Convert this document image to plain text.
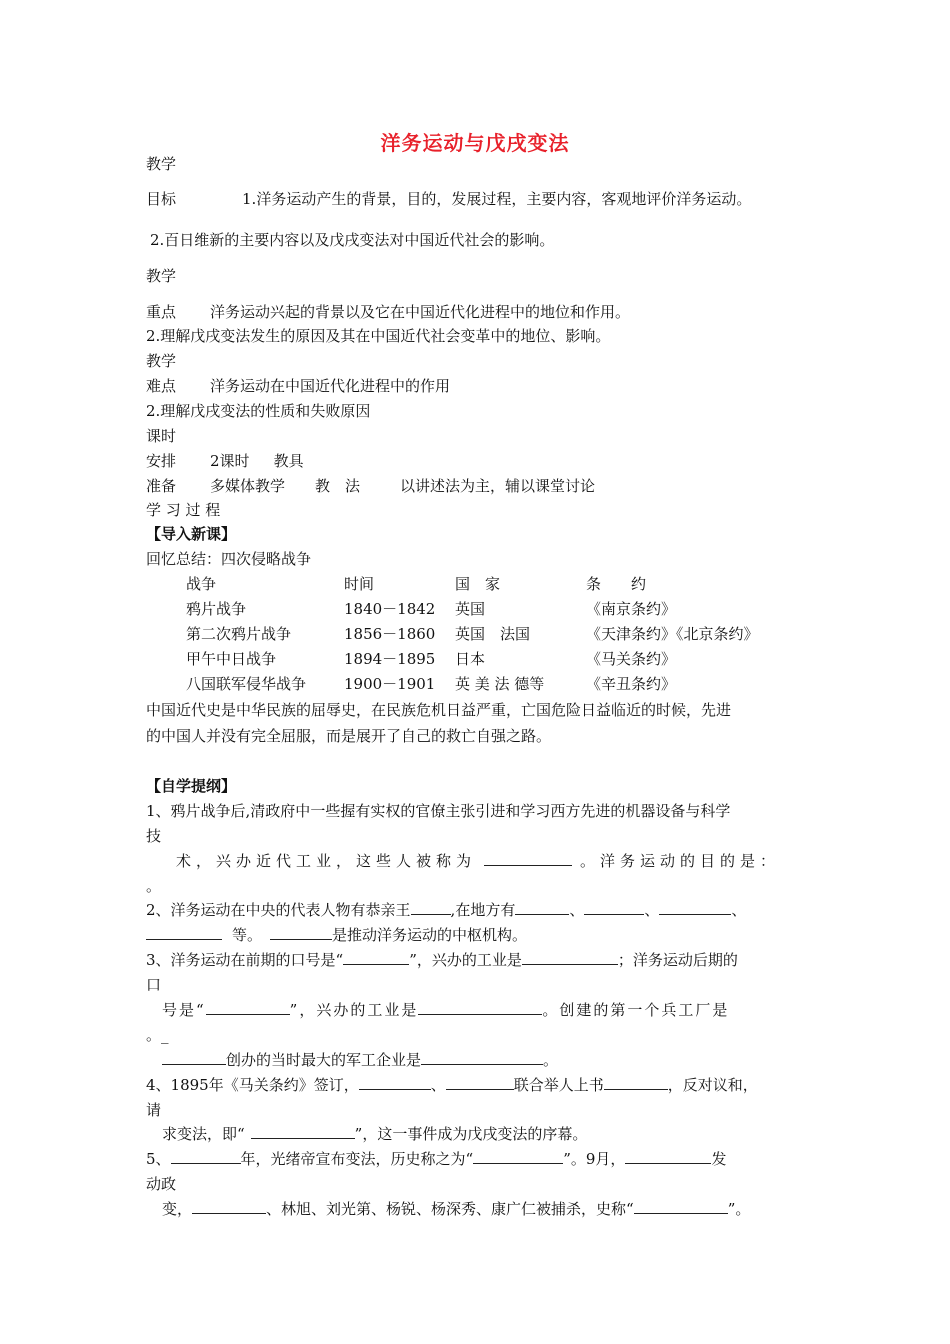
洋务运动与戊戌变法
教学
目标	1.洋务运动产生的背景，目的，发展过程，主要内容，客观地评价洋务运动。
2.百日维新的主要内容以及戊戌变法对中国近代社会的影响。
教学
重点 洋务运动兴起的背景以及它在中国近代化进程中的地位和作用。
2.理解戊戌变法发生的原因及其在中国近代社会变革中的地位、影响。
教学
难点 洋务运动在中国近代化进程中的作用
2.理解戊戌变法的性质和失败原因
课时
安排 2课时 教具
准备 多媒体教学 教　法	以讲述法为主，辅以课堂讨论
学 习 过 程
【导入新课】
回忆总结：四次侵略战争
战争	时间	国　家	条　　约
鸦片战争	1840－1842	英国	《南京条约》
第二次鸦片战争	1856－1860	英国　法国	《天津条约》《北京条约》
甲午中日战争	1894－1895	日本	《马关条约》
八国联军侵华战争	1900－1901	英 美 法 德等	《辛丑条约》
中国近代史是中华民族的屈辱史，在民族危机日益严重，亡国危险日益临近的时候，先进
的中国人并没有完全屈服，而是展开了自己的救亡自强之路。
【自学提纲】
1、鸦片战争后,清政府中一些握有实权的官僚主张引进和学习西方先进的机器设备与科学
技
术，兴办近代工业，这些人被称为	。洋务运动的目的是：
。
2、洋务运动在中央的代表人物有恭亲王	,在地方有	、	、	、
等。	是推动洋务运动的中枢机构。
3、洋务运动在前期的口号是“	”，兴办的工业是	；洋务运动后期的
口
号是“	”，兴办的工业是	。创建的第一个兵工厂是
。_
创办的当时最大的军工企业是	。
4、1895年《马关条约》签订，	、	联合举人上书	，反对议和，
请
求变法，即“	”，这一事件成为戊戌变法的序幕。
5、	年，光绪帝宣布变法，历史称之为“	”。9月，	发
动政
变，	、林旭、刘光第、杨锐、杨深秀、康广仁被捕杀，史称“	”。
